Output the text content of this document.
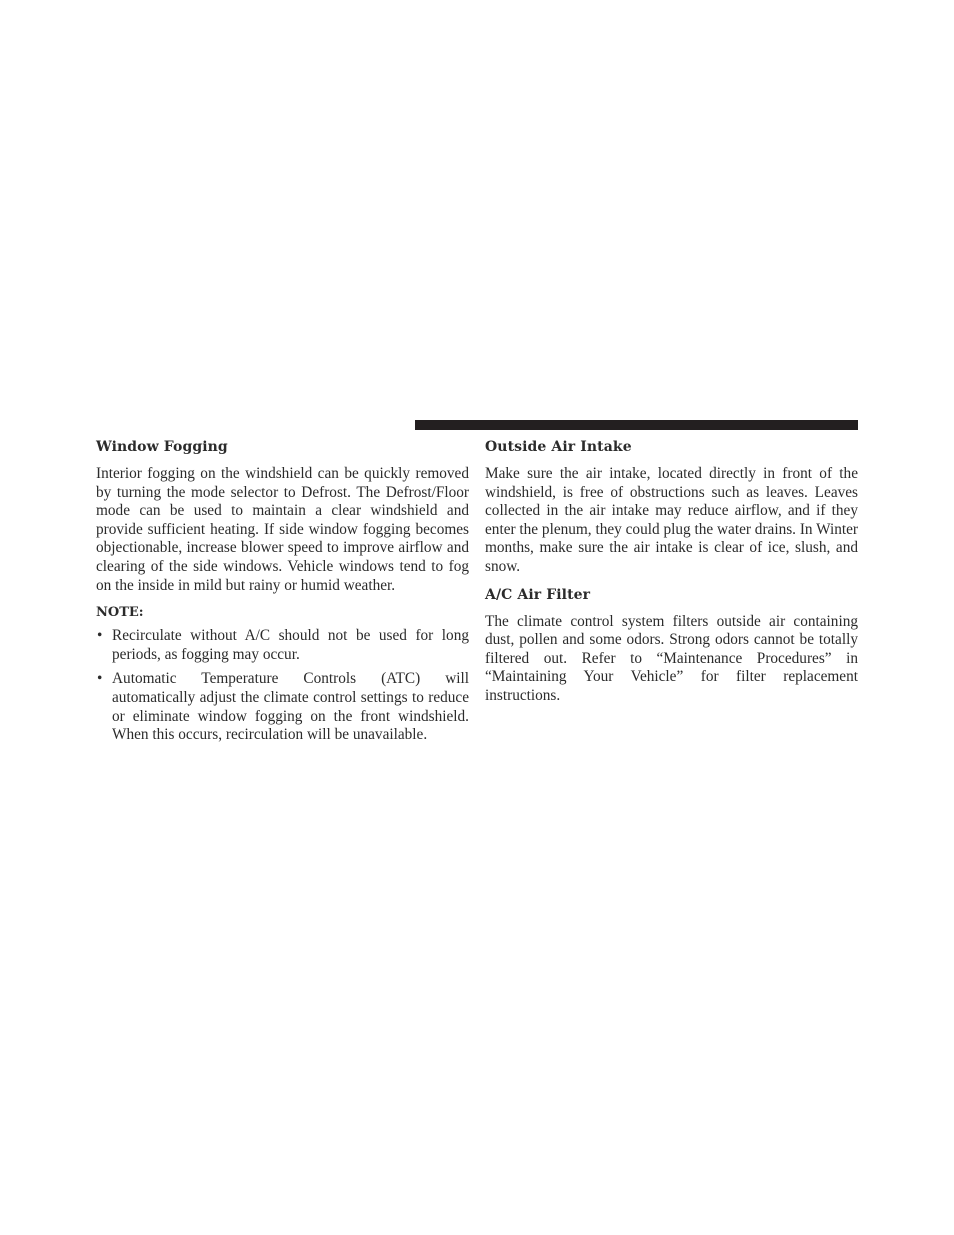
Window Fogging

Interior fogging on the windshield can be quickly removed by turning the mode selector to Defrost. The Defrost/Floor mode can be used to maintain a clear windshield and provide sufficient heating. If side window fogging becomes objectionable, increase blower speed to improve airflow and clearing of the side windows. Vehicle windows tend to fog on the inside in mild but rainy or humid weather.

NOTE:
• Recirculate without A/C should not be used for long periods, as fogging may occur.
• Automatic Temperature Controls (ATC) will automatically adjust the climate control settings to reduce or eliminate window fogging on the front windshield. When this occurs, recirculation will be unavailable.
Outside Air Intake

Make sure the air intake, located directly in front of the windshield, is free of obstructions such as leaves. Leaves collected in the air intake may reduce airflow, and if they enter the plenum, they could plug the water drains. In Winter months, make sure the air intake is clear of ice, slush, and snow.

A/C Air Filter

The climate control system filters outside air containing dust, pollen and some odors. Strong odors cannot be totally filtered out. Refer to “Maintenance Procedures” in “Maintaining Your Vehicle” for filter replacement instructions.
